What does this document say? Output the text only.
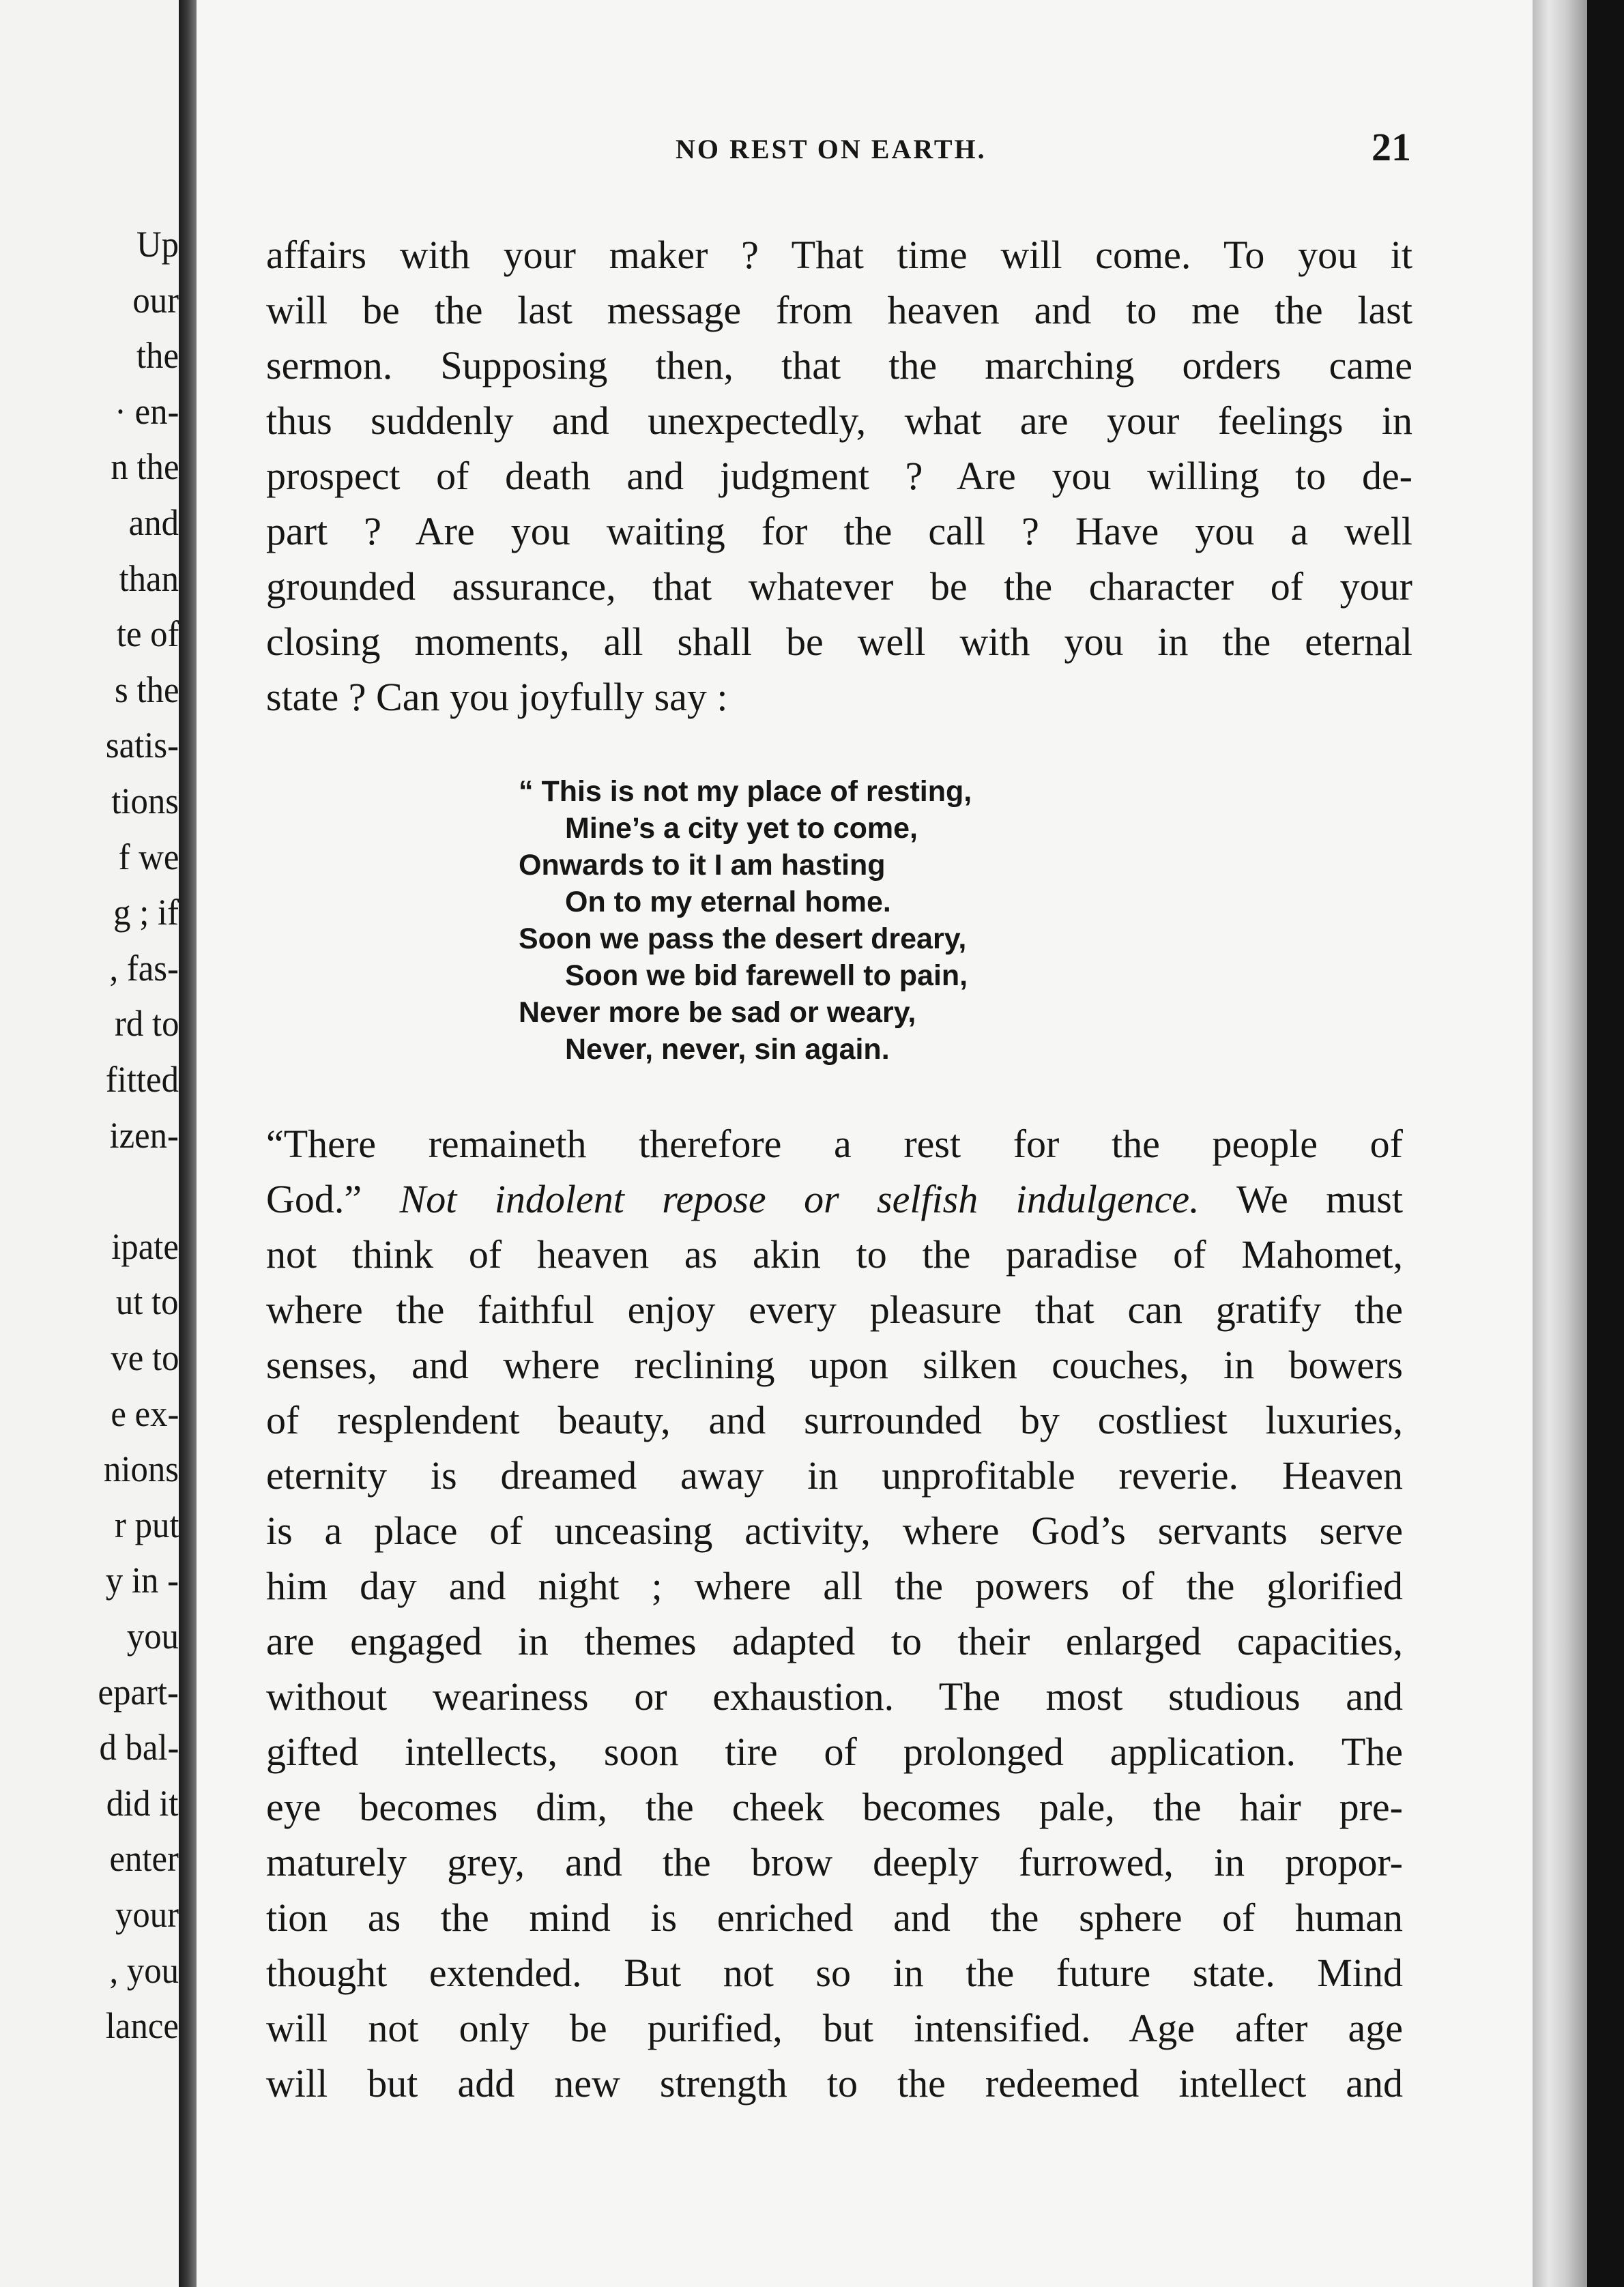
Up
our
the
· en-
n the
and
than
te of
s the
satis-
tions
f we
g ; if
, fas-
rd to
fitted
izen-
ipate
ut to
ve to
e ex-
nions
r put
y in -
you
epart-
d bal-
did it
enter
your
, you
lance
NO REST ON EARTH.	21
affairs with your maker ? That time will come. To you it
will be the last message from heaven and to me the last
sermon. Supposing then, that the marching orders came
thus suddenly and unexpectedly, what are your feelings in
prospect of death and judgment ? Are you willing to de-
part ? Are you waiting for the call ? Have you a well
grounded assurance, that whatever be the character of your
closing moments, all shall be well with you in the eternal
state ? Can you joyfully say :
“ This is not my place of resting,
Mine’s a city yet to come,
Onwards to it I am hasting
On to my eternal home.
Soon we pass the desert dreary,
Soon we bid farewell to pain,
Never more be sad or weary,
Never, never, sin again.
“There remaineth therefore a rest for the people of
God.” Not indolent repose or selfish indulgence. We must
not think of heaven as akin to the paradise of Mahomet,
where the faithful enjoy every pleasure that can gratify the
senses, and where reclining upon silken couches, in bowers
of resplendent beauty, and surrounded by costliest luxuries,
eternity is dreamed away in unprofitable reverie. Heaven
is a place of unceasing activity, where God’s servants serve
him day and night ; where all the powers of the glorified
are engaged in themes adapted to their enlarged capacities,
without weariness or exhaustion. The most studious and
gifted intellects, soon tire of prolonged application. The
eye becomes dim, the cheek becomes pale, the hair pre-
maturely grey, and the brow deeply furrowed, in propor-
tion as the mind is enriched and the sphere of human
thought extended. But not so in the future state. Mind
will not only be purified, but intensified. Age after age
will but add new strength to the redeemed intellect and
